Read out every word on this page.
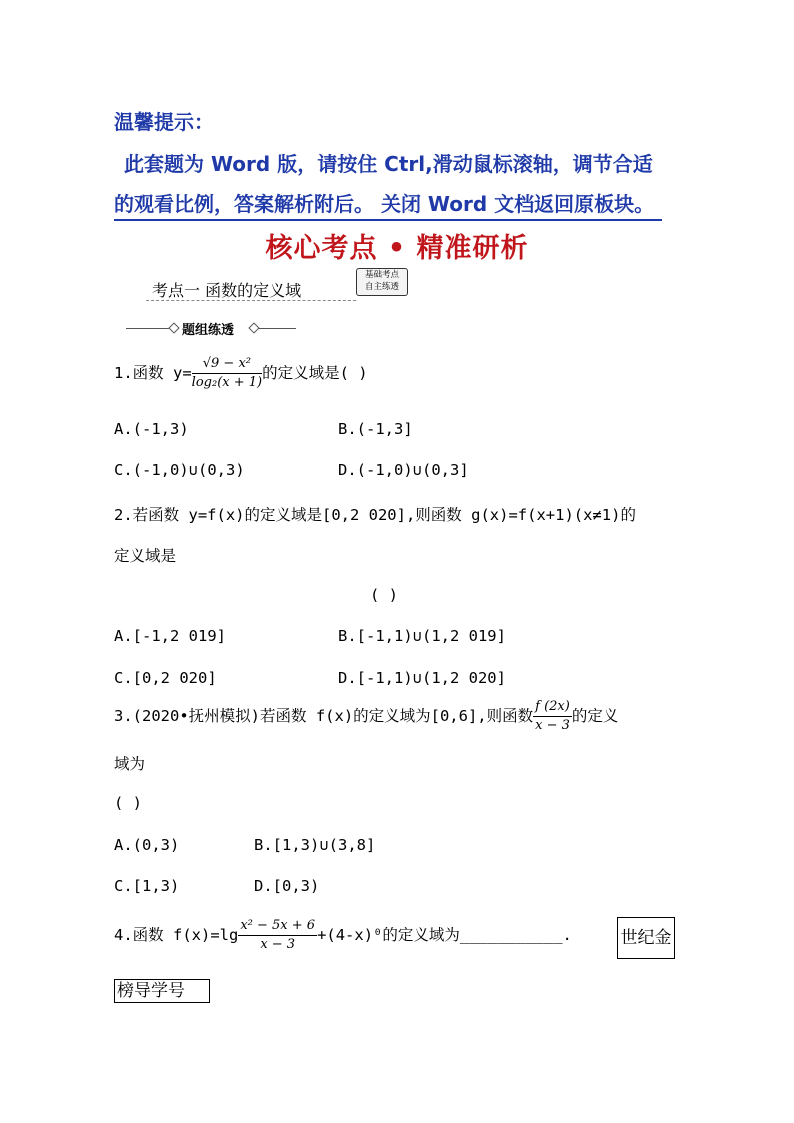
温馨提示：
此套题为 Word 版，请按住 Ctrl,滑动鼠标滚轴，调节合适
的观看比例，答案解析附后。 关闭 Word 文档返回原板块。
核心考点 • 精准研析
考点一 函数的定义域
基础考点
自主练透
题组练透
1.函数 $y= \frac{\text{√9 − x²}}{\text{log₂(x + 1)}}$ 的定义域是( )
A.(-1,3)	B.(-1,3]
C.(-1,0)∪(0,3)	D.(-1,0)∪(0,3]
2.若函数 y=f(x)的定义域是[0,2 020],则函数 g(x)=f(x+1)(x≠1)的
定义域是
( )
A.[-1,2 019]	B.[-1,1)∪(1,2 019]
C.[0,2 020]	D.[-1,1)∪(1,2 020]
3.(2020•抚州模拟)若函数 f(x)的定义域为[0,6],则函数 $\frac{f (2x)}{x - 3}$ 的定义
域为
( )
A.(0,3)	B.[1,3)∪(3,8]
C.[1,3)	D.[0,3)
4.函数 $f(x)=\lg \frac{\text{x² − 5x + 6}}{x - 3} +(4-x)^0$的定义域为___________.	世纪金
榜导学号
